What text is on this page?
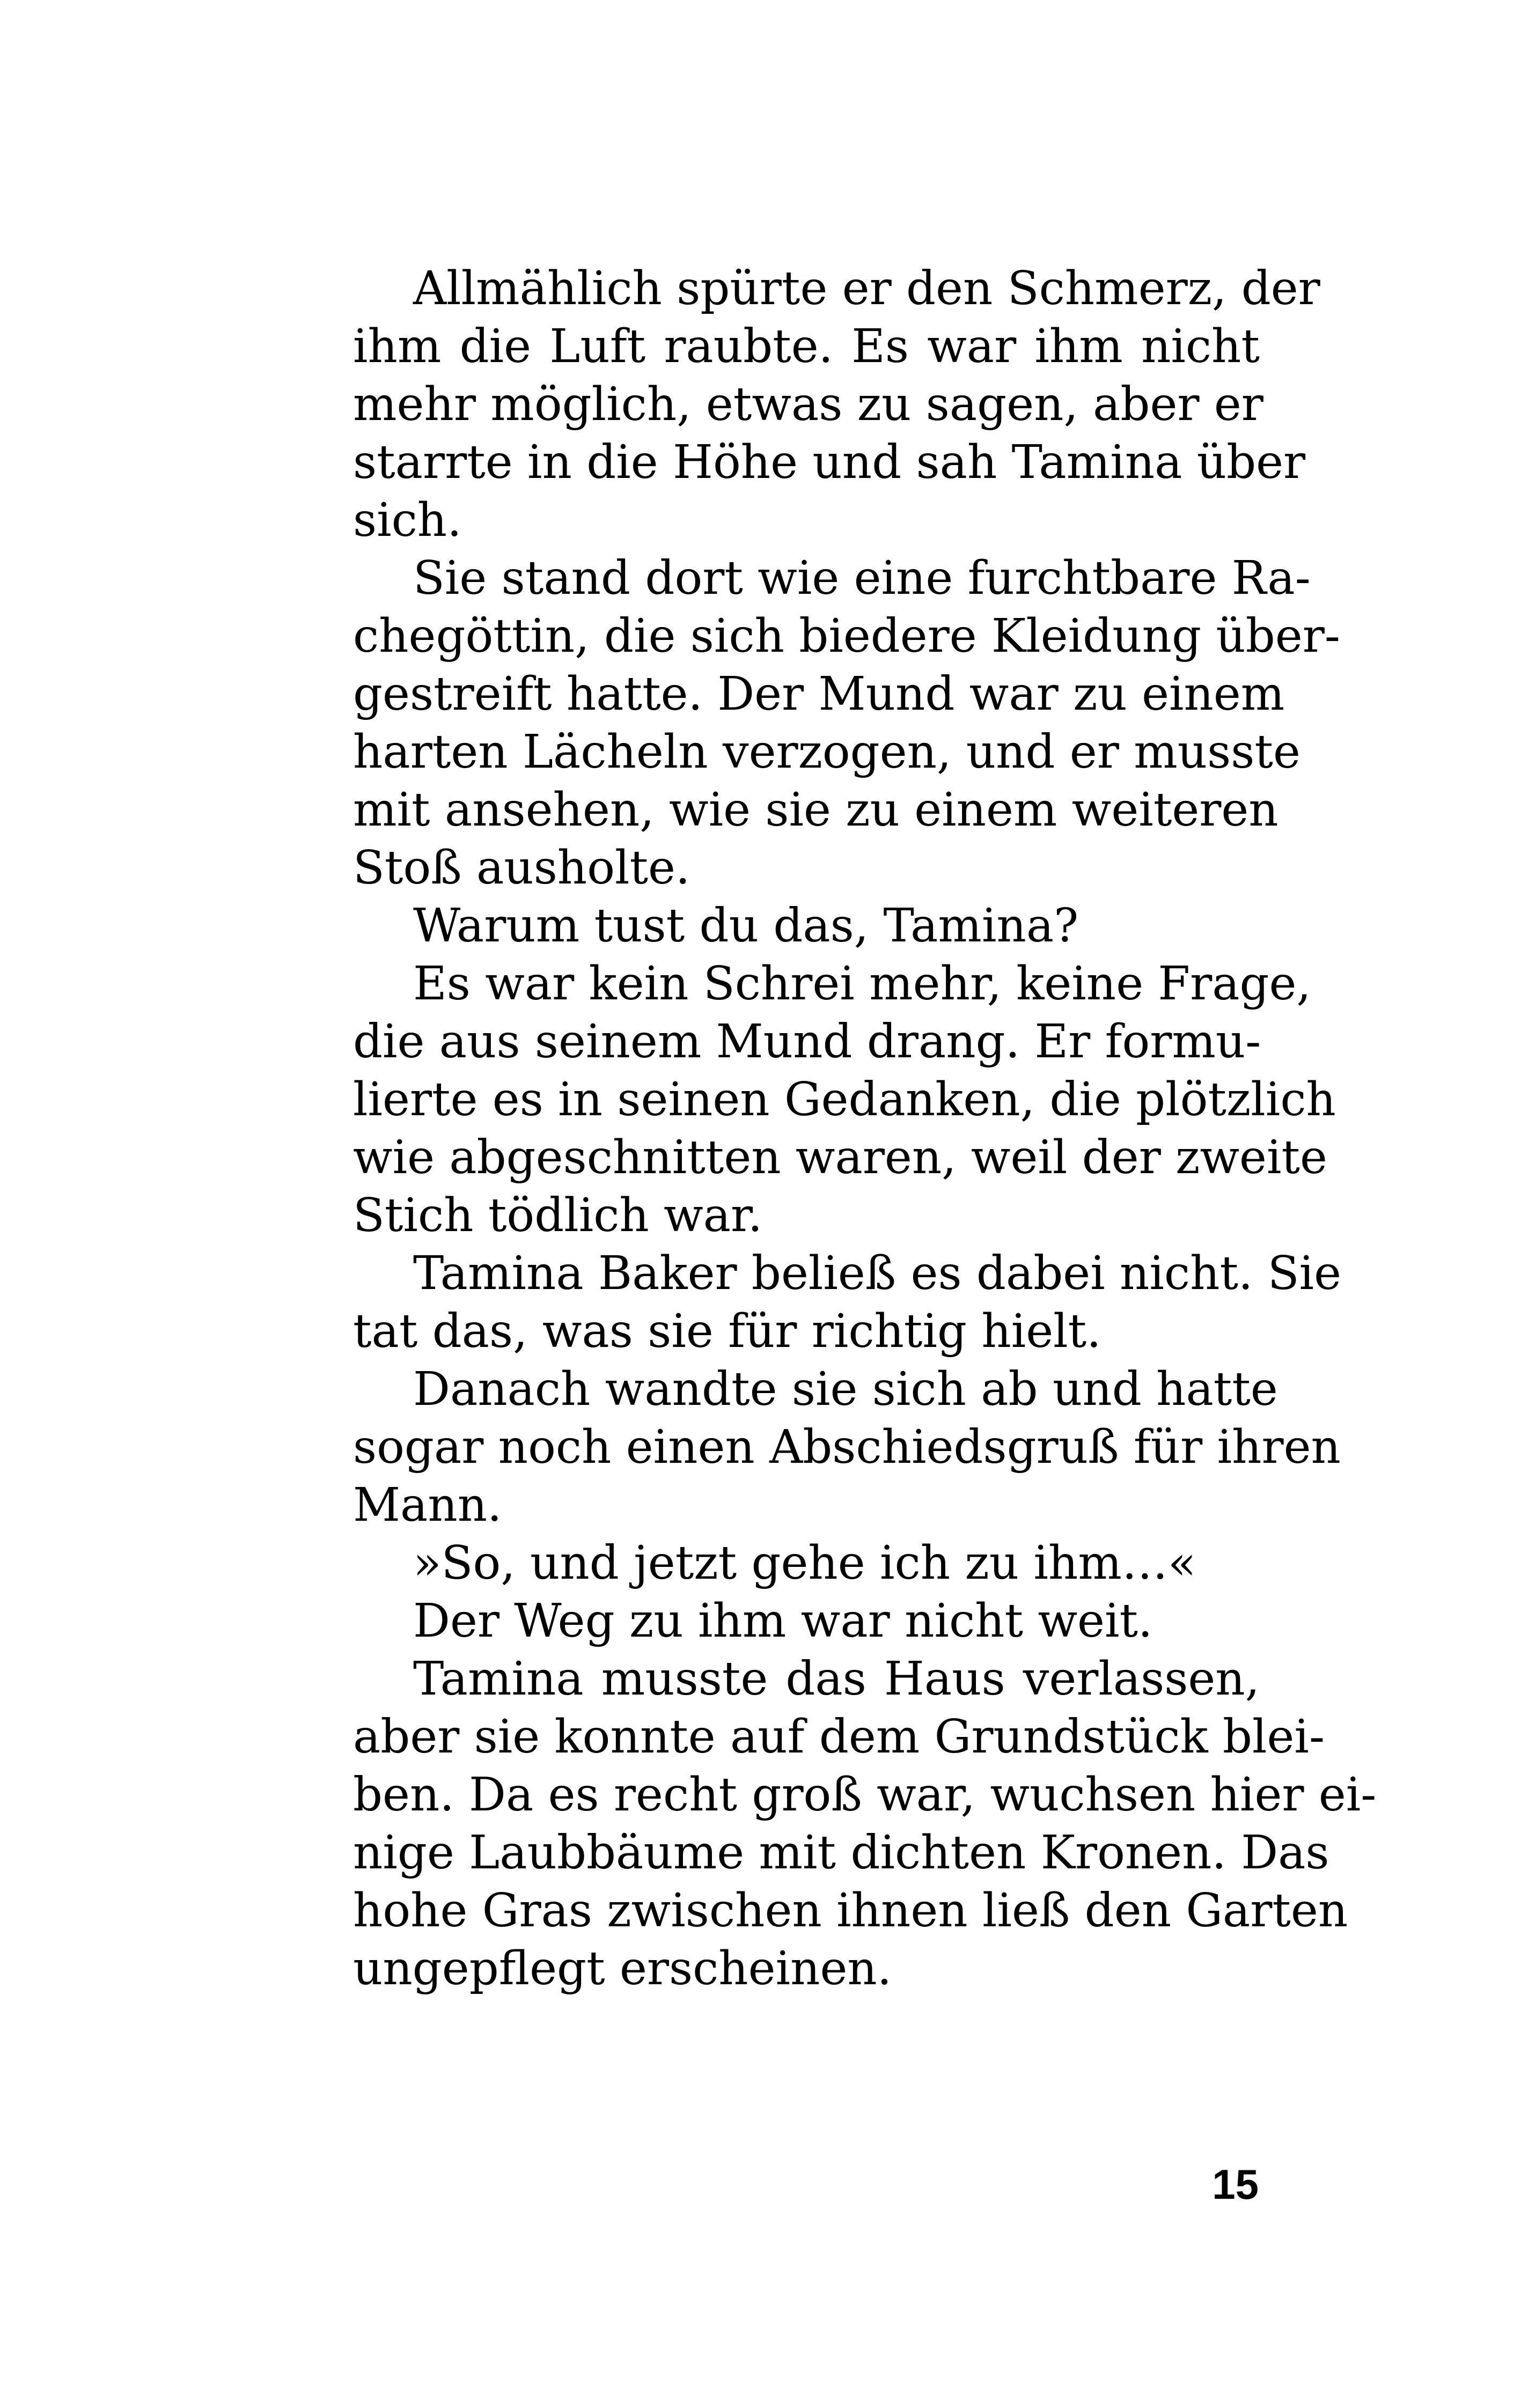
Allmählich spürte er den Schmerz, der
ihm die Luft raubte. Es war ihm nicht
mehr möglich, etwas zu sagen, aber er
starrte in die Höhe und sah Tamina über
sich.
Sie stand dort wie eine furchtbare Ra-
chegöttin, die sich biedere Kleidung über-
gestreift hatte. Der Mund war zu einem
harten Lächeln verzogen, und er musste
mit ansehen, wie sie zu einem weiteren
Stoß ausholte.
Warum tust du das, Tamina?
Es war kein Schrei mehr, keine Frage,
die aus seinem Mund drang. Er formu-
lierte es in seinen Gedanken, die plötzlich
wie abgeschnitten waren, weil der zweite
Stich tödlich war.
Tamina Baker beließ es dabei nicht. Sie
tat das, was sie für richtig hielt.
Danach wandte sie sich ab und hatte
sogar noch einen Abschiedsgruß für ihren
Mann.
»So, und jetzt gehe ich zu ihm…«
Der Weg zu ihm war nicht weit.
Tamina musste das Haus verlassen,
aber sie konnte auf dem Grundstück blei-
ben. Da es recht groß war, wuchsen hier ei-
nige Laubbäume mit dichten Kronen. Das
hohe Gras zwischen ihnen ließ den Garten
ungepflegt erscheinen.
15
